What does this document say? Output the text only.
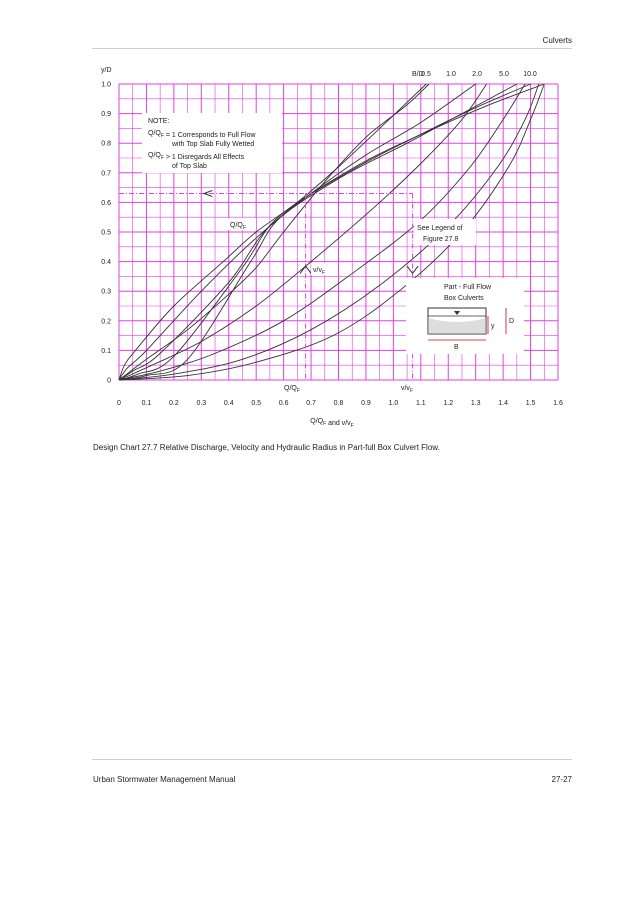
Culverts
0	0.1	0.2	0.3	0.4	0.5	0.6	0.7	0.8	0.9	1.0	1.1	1.2	1.3	1.4	1.5	1.6
0
0.1
0.2
0.3
0.4
0.5
0.6
0.7
0.8
0.9
1.0
y/D
$Q/Q_F$ and $v/v_F$
B/D
0.5 1.0 2.0 5.0 10.0
NOTE:
$Q/Q_F = 1$ Corresponds to Full Flow
with Top Slab Fully Wetted
$Q/Q_F > 1$ Disregards All Effects
of Top Slab
$Q/Q_F$
$v/v_F$
See Legend of
Figure 27.8
$Q/Q_F$	$v/v_F$
Part - Full Flow
Box Culverts
y
D
B
Design Chart 27.7 Relative Discharge, Velocity and Hydraulic Radius in Part-full Box Culvert Flow.
Urban Stormwater Management Manual	27-27
